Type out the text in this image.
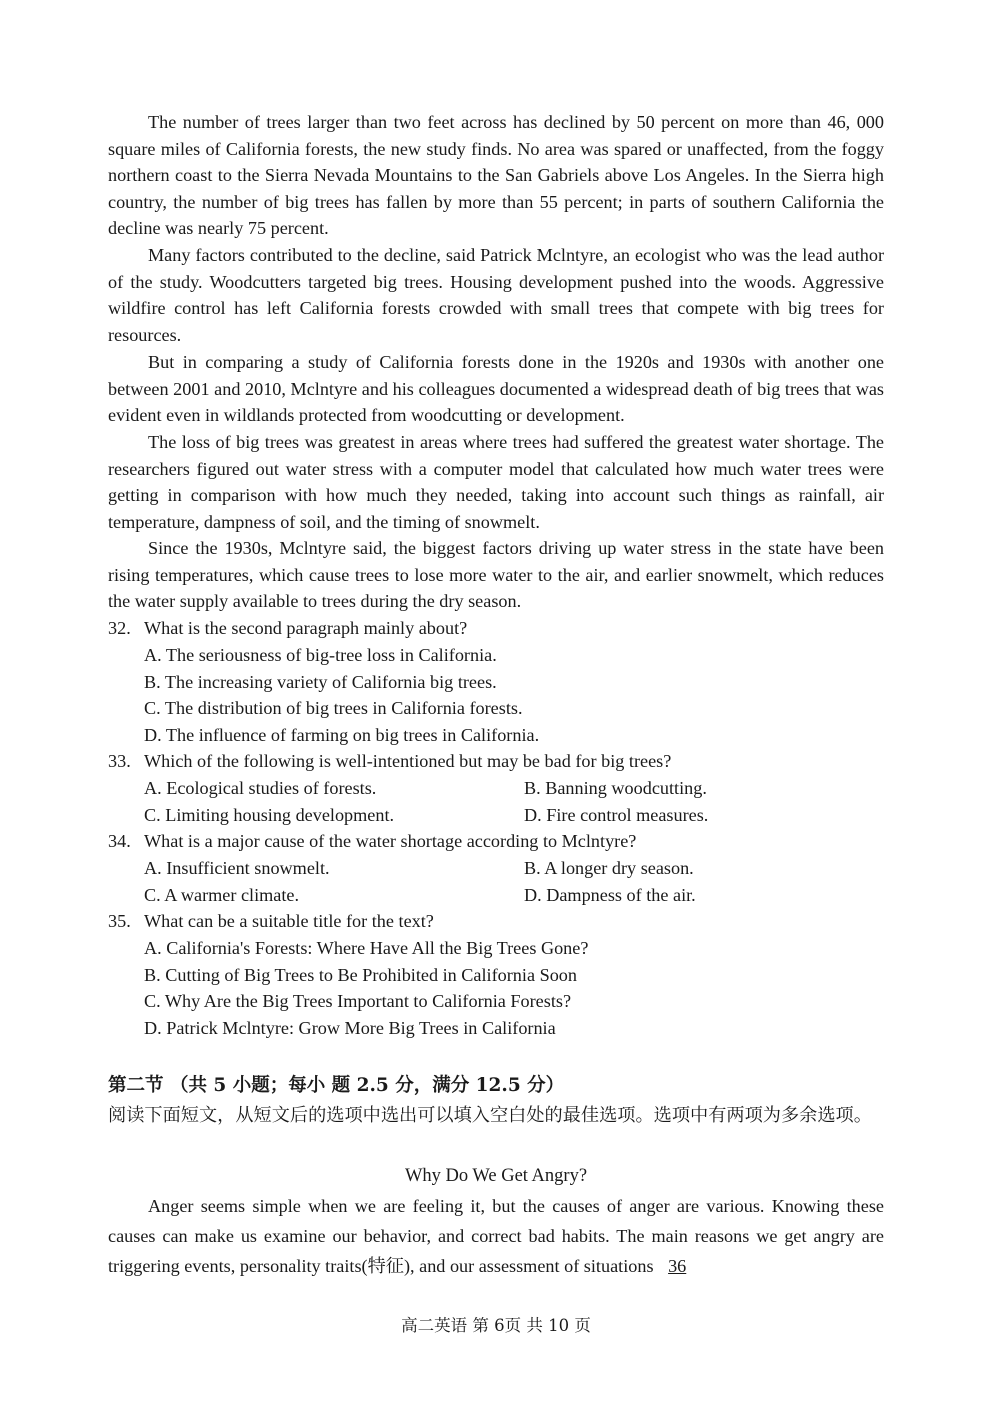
The number of trees larger than two feet across has declined by 50 percent on more than 46, 000 square miles of California forests, the new study finds. No area was spared or unaffected, from the foggy northern coast to the Sierra Nevada Mountains to the San Gabriels above Los Angeles. In the Sierra high country, the number of big trees has fallen by more than 55 percent; in parts of southern California the decline was nearly 75 percent.

Many factors contributed to the decline, said Patrick Mclntyre, an ecologist who was the lead author of the study. Woodcutters targeted big trees. Housing development pushed into the woods. Aggressive wildfire control has left California forests crowded with small trees that compete with big trees for resources.

But in comparing a study of California forests done in the 1920s and 1930s with another one between 2001 and 2010, Mclntyre and his colleagues documented a widespread death of big trees that was evident even in wildlands protected from woodcutting or development.

The loss of big trees was greatest in areas where trees had suffered the greatest water shortage. The researchers figured out water stress with a computer model that calculated how much water trees were getting in comparison with how much they needed, taking into account such things as rainfall, air temperature, dampness of soil, and the timing of snowmelt.

Since the 1930s, Mclntyre said, the biggest factors driving up water stress in the state have been rising temperatures, which cause trees to lose more water to the air, and earlier snowmelt, which reduces the water supply available to trees during the dry season.

32. What is the second paragraph mainly about?
A. The seriousness of big-tree loss in California.
B. The increasing variety of California big trees.
C. The distribution of big trees in California forests.
D. The influence of farming on big trees in California.
33. Which of the following is well-intentioned but may be bad for big trees?
A. Ecological studies of forests.	B. Banning woodcutting.
C. Limiting housing development.	D. Fire control measures.
34. What is a major cause of the water shortage according to Mclntyre?
A. Insufficient snowmelt.	B. A longer dry season.
C. A warmer climate.	D. Dampness of the air.
35. What can be a suitable title for the text?
A. California's Forests: Where Have All the Big Trees Gone?
B. Cutting of Big Trees to Be Prohibited in California Soon
C. Why Are the Big Trees Important to California Forests?
D. Patrick Mclntyre: Grow More Big Trees in California
第二节 （共 5 小题；每小 题 2.5 分，满分 12.5 分）

阅读下面短文，从短文后的选项中选出可以填入空白处的最佳选项。选项中有两项为多余选项。

Why Do We Get Angry?

Anger seems simple when we are feeling it, but the causes of anger are various. Knowing these causes can make us examine our behavior, and correct bad habits. The main reasons we get angry are triggering events, personality traits(特征), and our assessment of situations 36

高二英语 第 6页 共 10 页
